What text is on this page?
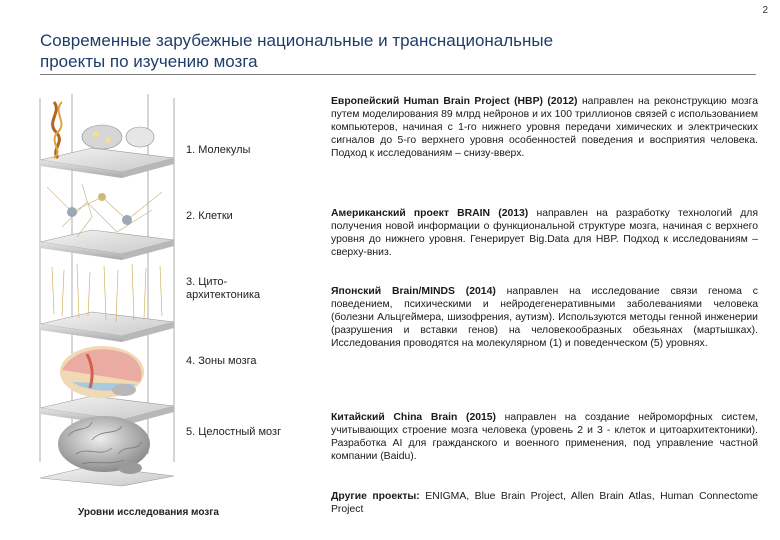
2
Современные зарубежные национальные и транснациональные
проекты по изучению мозга
1. Молекулы
2. Клетки
3. Цито-
архитектоника
4. Зоны мозга
5. Целостный мозг
Уровни исследования мозга
Европейский Human Brain Project (HBP) (2012) направлен на реконструкцию мозга путем моделирования 89 млрд нейронов и их 100 триллионов связей с использованием компьютеров, начиная с 1-го нижнего уровня передачи химических и электрических сигналов до 5-го верхнего уровня особенностей поведения и восприятия человека. Подход к исследованиям – снизу-вверх.
Американский проект BRAIN (2013) направлен на разработку технологий для получения новой информации о функциональной структуре мозга, начиная с верхнего уровня до нижнего уровня. Генерирует Big.Data для HBP. Подход к исследованиям – сверху-вниз.
Японский Brain/MINDS (2014) направлен на исследование связи генома с поведением, психическими и нейродегенеративными заболеваниями человека (болезни Альцгеймера, шизофрения, аутизм). Используются методы генной инженерии (разрушения и вставки генов) на человекообразных обезьянах (мартышках). Исследования проводятся на молекулярном (1) и поведенческом (5) уровнях.
Китайский China Brain (2015) направлен на создание нейроморфных систем, учитывающих строение мозга человека (уровень 2 и 3 - клеток и цитоархитектоники). Разработка AI для гражданского и военного применения, под управление частной компании (Baidu).
Другие проекты: ENIGMA, Blue Brain Project, Allen Brain Atlas, Human Connectome Project
